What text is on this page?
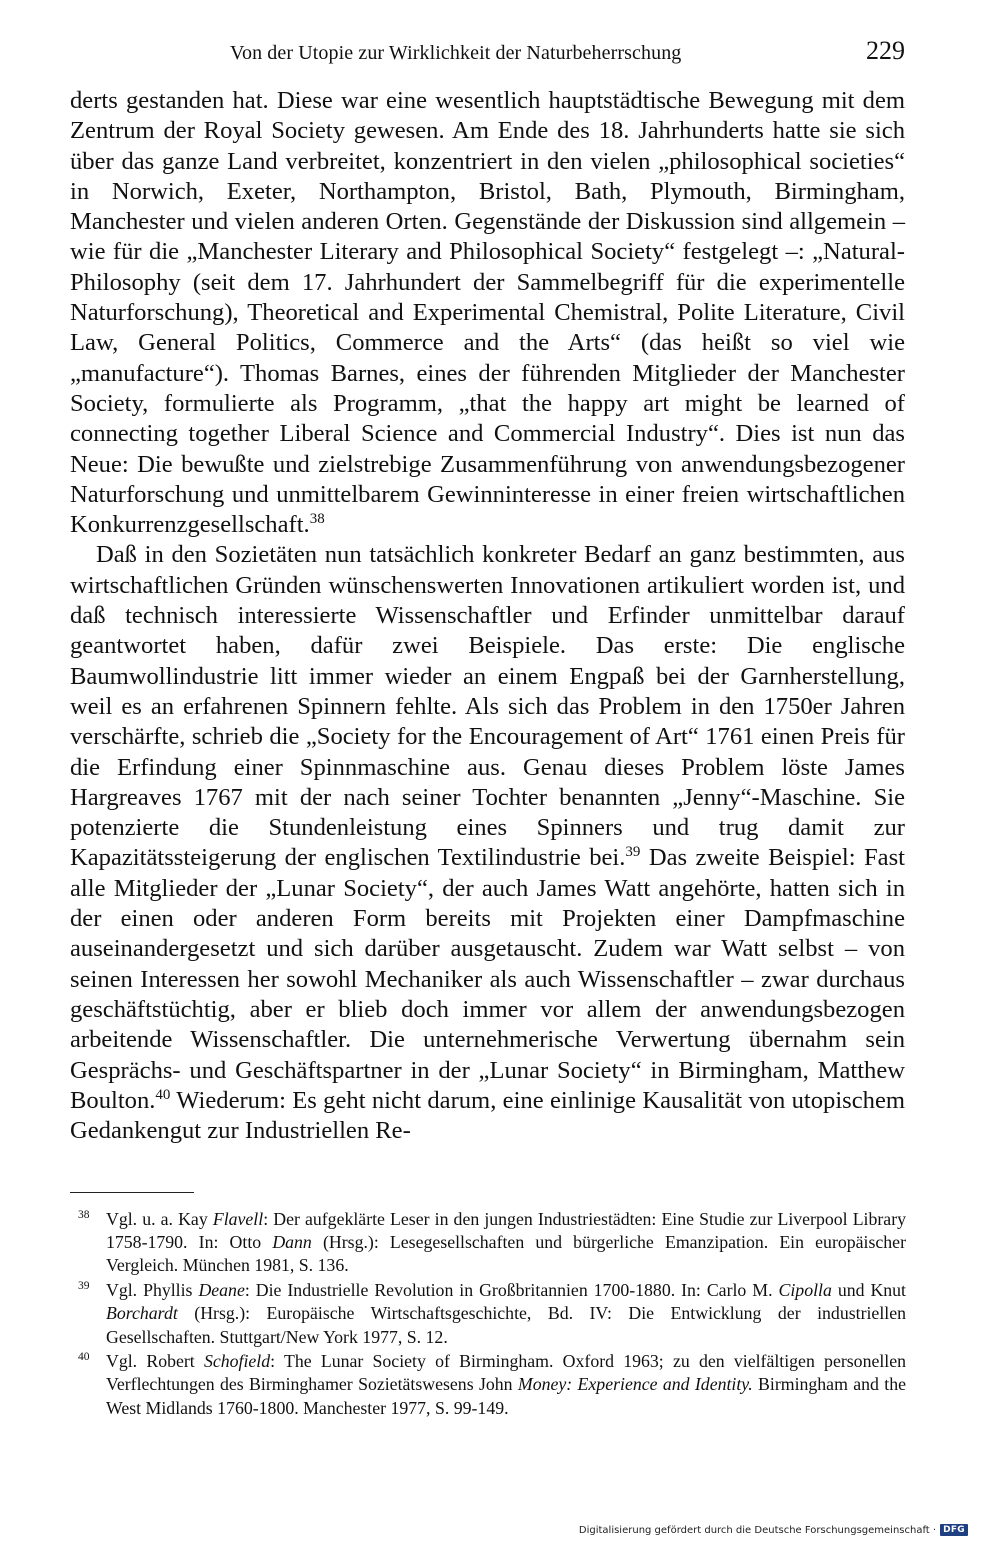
Von der Utopie zur Wirklichkeit der Naturbeherrschung	229

derts gestanden hat. Diese war eine wesentlich hauptstädtische Bewegung mit dem Zentrum der Royal Society gewesen. Am Ende des 18. Jahrhunderts hatte sie sich über das ganze Land verbreitet, konzentriert in den vielen „philosophical societies“ in Norwich, Exeter, Northampton, Bristol, Bath, Plymouth, Birmingham, Manchester und vielen anderen Orten. Gegenstände der Diskussion sind allgemein – wie für die „Manchester Literary and Philosophical Society“ festgelegt –: „Natural-Philosophy (seit dem 17. Jahrhundert der Sammelbegriff für die experimentelle Naturforschung), Theoretical and Experimental Chemistral, Polite Literature, Civil Law, General Politics, Commerce and the Arts“ (das heißt so viel wie „manufacture“). Thomas Barnes, eines der führenden Mitglieder der Manchester Society, formulierte als Programm, „that the happy art might be learned of connecting together Liberal Science and Commercial Industry“. Dies ist nun das Neue: Die bewußte und zielstrebige Zusammenführung von anwendungsbezogener Naturforschung und unmittelbarem Gewinninteresse in einer freien wirtschaftlichen Konkurrenzgesellschaft.$^{38}$

Daß in den Sozietäten nun tatsächlich konkreter Bedarf an ganz bestimmten, aus wirtschaftlichen Gründen wünschenswerten Innovationen artikuliert worden ist, und daß technisch interessierte Wissenschaftler und Erfinder unmittelbar darauf geantwortet haben, dafür zwei Beispiele. Das erste: Die englische Baumwollindustrie litt immer wieder an einem Engpaß bei der Garnherstellung, weil es an erfahrenen Spinnern fehlte. Als sich das Problem in den 1750er Jahren verschärfte, schrieb die „Society for the Encouragement of Art“ 1761 einen Preis für die Erfindung einer Spinnmaschine aus. Genau dieses Problem löste James Hargreaves 1767 mit der nach seiner Tochter benannten „Jenny“-Maschine. Sie potenzierte die Stundenleistung eines Spinners und trug damit zur Kapazitätssteigerung der englischen Textilindustrie bei.$^{39}$ Das zweite Beispiel: Fast alle Mitglieder der „Lunar Society“, der auch James Watt angehörte, hatten sich in der einen oder anderen Form bereits mit Projekten einer Dampfmaschine auseinandergesetzt und sich darüber ausgetauscht. Zudem war Watt selbst – von seinen Interessen her sowohl Mechaniker als auch Wissenschaftler – zwar durchaus geschäftstüchtig, aber er blieb doch immer vor allem der anwendungsbezogen arbeitende Wissenschaftler. Die unternehmerische Verwertung übernahm sein Gesprächs- und Geschäftspartner in der „Lunar Society“ in Birmingham, Matthew Boulton.$^{40}$ Wiederum: Es geht nicht darum, eine einlinige Kausalität von utopischem Gedankengut zur Industriellen Re-

38 Vgl. u. a. Kay Flavell: Der aufgeklärte Leser in den jungen Industriestädten: Eine Studie zur Liverpool Library 1758-1790. In: Otto Dann (Hrsg.): Lesegesellschaften und bürgerliche Emanzipation. Ein europäischer Vergleich. München 1981, S. 136.

39 Vgl. Phyllis Deane: Die Industrielle Revolution in Großbritannien 1700-1880. In: Carlo M. Cipolla und Knut Borchardt (Hrsg.): Europäische Wirtschaftsgeschichte, Bd. IV: Die Entwicklung der industriellen Gesellschaften. Stuttgart/New York 1977, S. 12.

40 Vgl. Robert Schofield: The Lunar Society of Birmingham. Oxford 1963; zu den vielfältigen personellen Verflechtungen des Birminghamer Sozietätswesens John Money: Experience and Identity. Birmingham and the West Midlands 1760-1800. Manchester 1977, S. 99-149.

Digitalisierung gefördert durch die Deutsche Forschungsgemeinschaft · DFG
